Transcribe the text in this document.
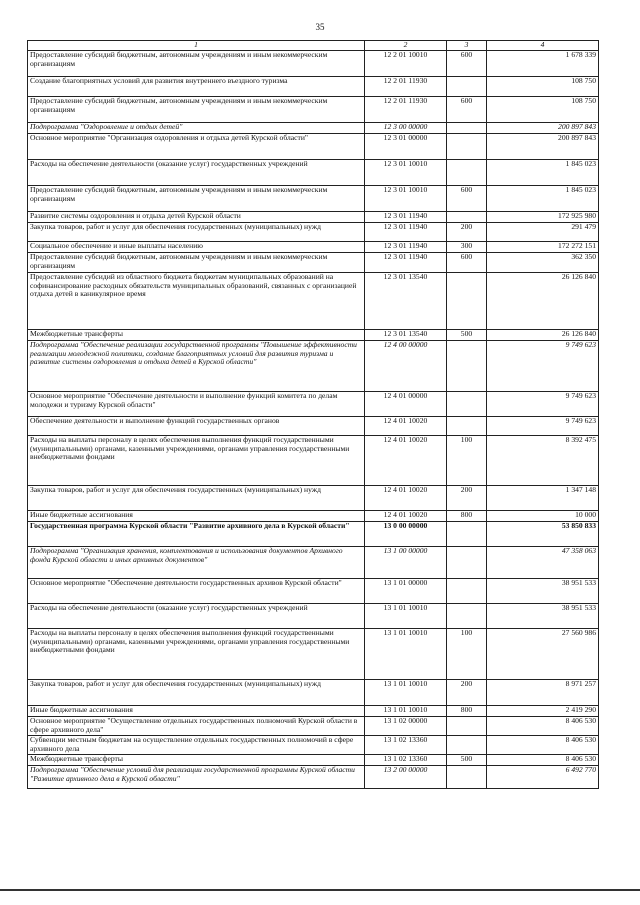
35
1	2	3	4
Предоставление субсидий бюджетным, автономным учреждениям и иным некоммерческим организациям	12 2 01 10010	600	1 678 339
Создание благоприятных условий для развития внутреннего въездного туризма	12 2 01 11930		108 750
Предоставление субсидий бюджетным, автономным учреждениям и иным некоммерческим организациям	12 2 01 11930	600	108 750
Подпрограмма "Оздоровление и отдых детей"	12 3 00 00000		200 897 843
Основное мероприятие "Организация оздоровления и отдыха детей Курской области"	12 3 01 00000		200 897 843
Расходы на обеспечение деятельности (оказание услуг) государственных учреждений	12 3 01 10010		1 845 023
Предоставление субсидий бюджетным, автономным учреждениям и иным некоммерческим организациям	12 3 01 10010	600	1 845 023
Развитие системы оздоровления и отдыха детей Курской области	12 3 01 11940		172 925 980
Закупка товаров, работ и услуг для обеспечения государственных (муниципальных) нужд	12 3 01 11940	200	291 479
Социальное обеспечение и иные выплаты населению	12 3 01 11940	300	172 272 151
Предоставление субсидий бюджетным, автономным учреждениям и иным некоммерческим организациям	12 3 01 11940	600	362 350
Предоставление субсидий из областного бюджета бюджетам муниципальных образований на софинансирование расходных обязательств муниципальных образований, связанных с организацией отдыха детей в каникулярное время	12 3 01 13540		26 126 840
Межбюджетные трансферты	12 3 01 13540	500	26 126 840
Подпрограмма "Обеспечение реализации государственной программы "Повышение эффективности реализации молодежной политики, создание благоприятных условий для развития туризма и развитие системы оздоровления и отдыха детей в Курской области"	12 4 00 00000		9 749 623
Основное мероприятие "Обеспечение деятельности и выполнение функций комитета по делам молодежи и туризму Курской области"	12 4 01 00000		9 749 623
Обеспечение деятельности и выполнение функций государственных органов	12 4 01 10020		9 749 623
Расходы на выплаты персоналу в целях обеспечения выполнения функций государственными (муниципальными) органами, казенными учреждениями, органами управления государственными внебюджетными фондами	12 4 01 10020	100	8 392 475
Закупка товаров, работ и услуг для обеспечения государственных (муниципальных) нужд	12 4 01 10020	200	1 347 148
Иные бюджетные ассигнования	12 4 01 10020	800	10 000
Государственная программа Курской области "Развитие архивного дела в Курской области"	13 0 00 00000		53 850 833
Подпрограмма "Организация хранения, комплектования и использования документов Архивного фонда Курской области и иных архивных документов"	13 1 00 00000		47 358 063
Основное мероприятие "Обеспечение деятельности государственных архивов Курской области"	13 1 01 00000		38 951 533
Расходы на обеспечение деятельности (оказание услуг) государственных учреждений	13 1 01 10010		38 951 533
Расходы на выплаты персоналу в целях обеспечения выполнения функций государственными (муниципальными) органами, казенными учреждениями, органами управления государственными внебюджетными фондами	13 1 01 10010	100	27 560 986
Закупка товаров, работ и услуг для обеспечения государственных (муниципальных) нужд	13 1 01 10010	200	8 971 257
Иные бюджетные ассигнования	13 1 01 10010	800	2 419 290
Основное мероприятие "Осуществление отдельных государственных полномочий Курской области в сфере архивного дела"	13 1 02 00000		8 406 530
Субвенции местным бюджетам на осуществление отдельных государственных полномочий в сфере архивного дела	13 1 02 13360		8 406 530
Межбюджетные трансферты	13 1 02 13360	500	8 406 530
Подпрограмма "Обеспечение условий для реализации государственной программы Курской области "Развитие архивного дела в Курской области"	13 2 00 00000		6 492 770
